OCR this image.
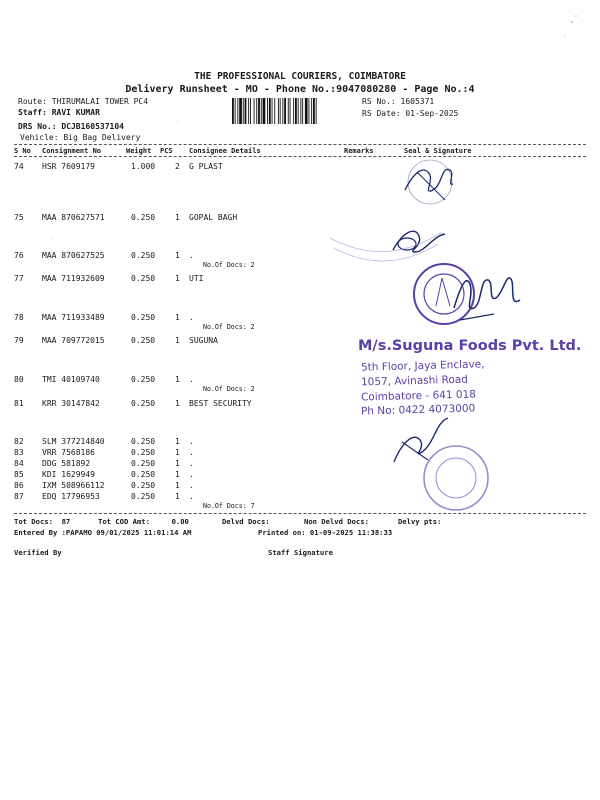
THE PROFESSIONAL COURIERS, COIMBATORE
Delivery Runsheet - MO - Phone No.:9047080280 - Page No.:4
Route: THIRUMALAI TOWER PC4
Staff: RAVI KUMAR
DRS No.: DCJB160537104
Vehicle: Big Bag Delivery
RS No.: 1605371
RS Date: 01-Sep-2025
S No Consignment No	Weight PCS Consignee Details	Remarks	Seal & Signature
74 HSR 7609179	1.000 2 G PLAST
75 MAA 870627571	0.250 1 GOPAL BAGH
76 MAA 870627525	0.250 1 .
No.Of Docs: 2
77 MAA 711932609	0.250 1 UTI
78 MAA 711933489	0.250 1 .
No.Of Docs: 2
79 MAA 709772015	0.250 1 SUGUNA
80 TMI 40109740	0.250 1 .
No.Of Docs: 2
81 KRR 30147842	0.250 1 BEST SECURITY
82 SLM 377214840	0.250 1 .
83 VRR 7568186	0.250 1 .
84 DDG 581892	0.250 1 .
85 KDI 1629949	0.250 1 .
86 IXM 508966112	0.250 1 .
87 EDQ 17796953	0.250 1 .
No.Of Docs: 7
Tot Docs:  87	Tot COD Amt:     0.00	Delvd Docs:	Non Delvd Docs:	Delvy pts:
Entered By :PAPAMO 09/01/2025 11:01:14 AM	Printed on: 01-09-2025 11:38:33
Verified By	Staff Signature
M/s.Suguna Foods Pvt. Ltd.
5th Floor, Jaya Enclave,
1057, Avinashi Road
Coimbatore - 641 018
Ph No: 0422 4073000
